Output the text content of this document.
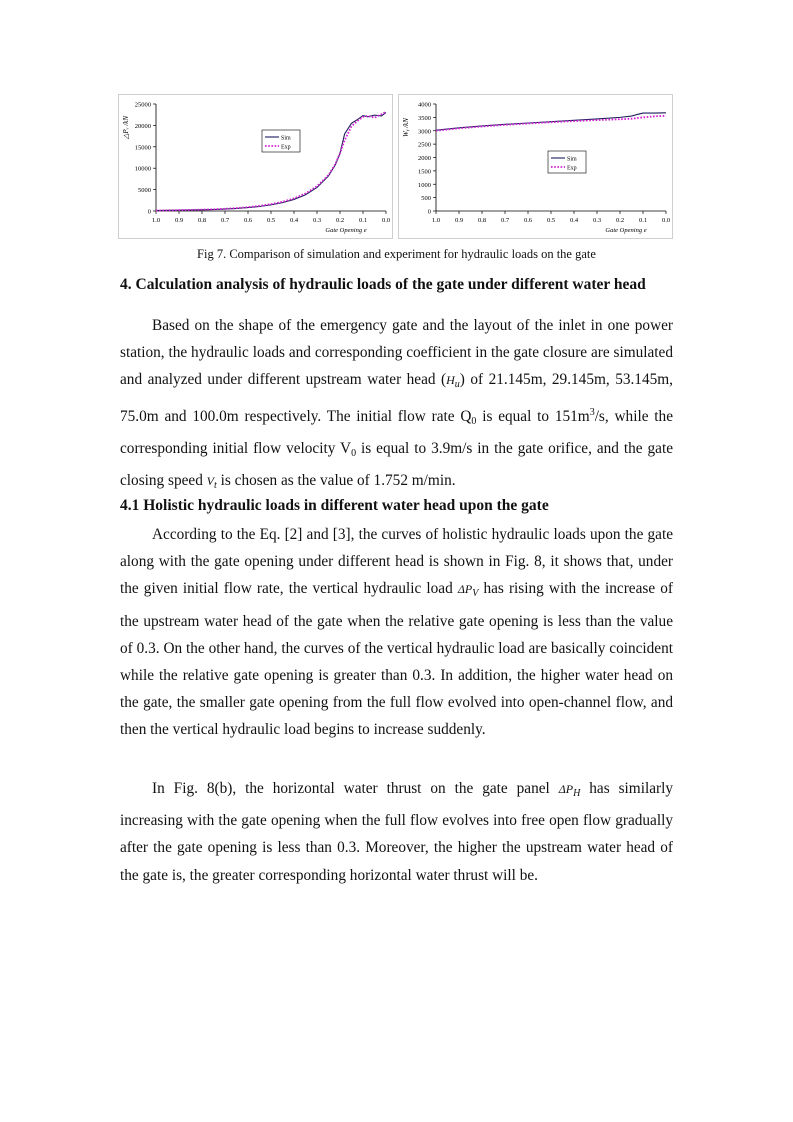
0
5000
10000
15000
20000
25000
1.0 0.9 0.8 0.7 0.6 0.5 0.4 0.3 0.2 0.1 0.0
Gate Opening e
△Pᵥ /kN	Sim
Exp
0
500
1000
1500
2000
2500
3000
3500
4000
1.0 0.9 0.8 0.7 0.6 0.5 0.4 0.3 0.2 0.1 0.0
Gate Opening e
Wᵧ /kN
Sim
Exp
Fig 7. Comparison of simulation and experiment for hydraulic loads on the gate
4. Calculation analysis of hydraulic loads of the gate under different water head

Based on the shape of the emergency gate and the layout of the inlet in one power station, the hydraulic loads and corresponding coefficient in the gate closure are simulated and analyzed under different upstream water head $(H_u)$ of 21.145m, 29.145m, 53.145m, 75.0m and 100.0m respectively. The initial flow rate Q0 is equal to $151m^3/s$, while the corresponding initial flow velocity V0 is equal to 3.9m/s in the gate orifice, and the gate closing speed $V_t$ is chosen as the value of 1.752 m/min.

4.1 Holistic hydraulic loads in different water head upon the gate

According to the Eq. [2] and [3], the curves of holistic hydraulic loads upon the gate along with the gate opening under different head is shown in Fig. 8, it shows that, under the given initial flow rate, the vertical hydraulic load $\Delta P_V$ has rising with the increase of the upstream water head of the gate when the relative gate opening is less than the value of 0.3. On the other hand, the curves of the vertical hydraulic load are basically coincident while the relative gate opening is greater than 0.3. In addition, the higher water head on the gate, the smaller gate opening from the full flow evolved into open-channel flow, and then the vertical hydraulic load begins to increase suddenly.

In Fig. 8(b), the horizontal water thrust on the gate panel $\Delta P_H$ has similarly increasing with the gate opening when the full flow evolves into free open flow gradually after the gate opening is less than 0.3. Moreover, the higher the upstream water head of the gate is, the greater corresponding horizontal water thrust will be.
